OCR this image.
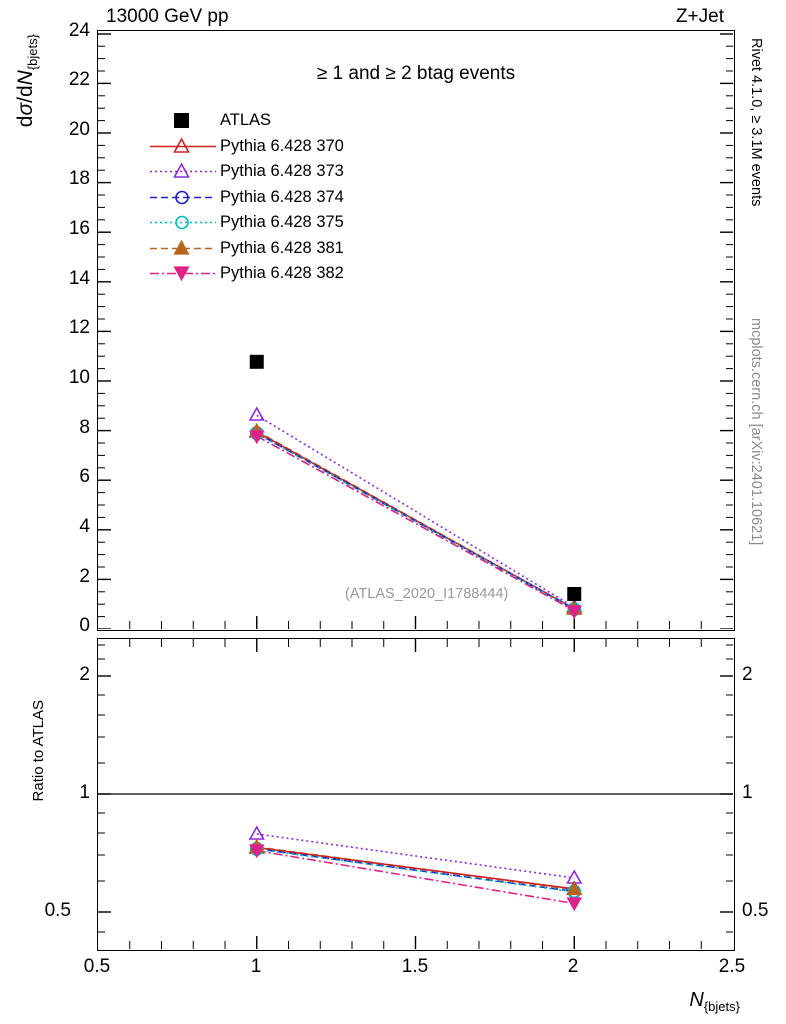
13000 GeV pp	Z+Jet
Rivet 4.1.0, ≥ 3.1M events
mcplots.cern.ch [arXiv:2401.10621]
$d\sigma/dN_{\{bjets\}}$
24
22
20
18
16
14
12
10
8
6
4
2
0
≥ 1 and ≥ 2 btag events
(ATLAS_2020_I1788444)
ATLAS
Pythia 6.428 370
Pythia 6.428 373
Pythia 6.428 374
Pythia 6.428 375
Pythia 6.428 381
Pythia 6.428 382
Ratio to ATLAS
2
1
0.5
2
1
0.5
0.5	1	1.5	2	2.5
$N_{\{bjets\}}$
